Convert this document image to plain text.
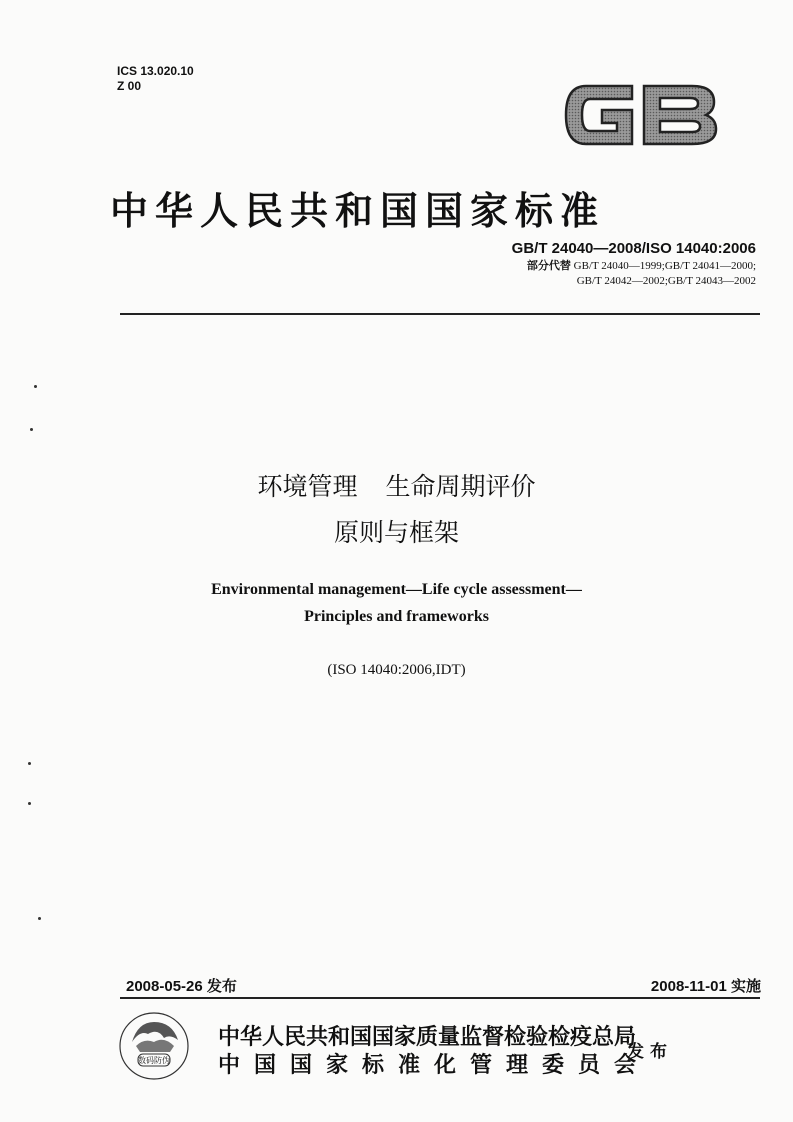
ICS 13.020.10
Z 00
中华人民共和国国家标准
GB/T 24040—2008/ISO 14040:2006
部分代替 GB/T 24040—1999;GB/T 24041—2000;
GB/T 24042—2002;GB/T 24043—2002
环境管理 生命周期评价
原则与框架
Environmental management—Life cycle assessment—
Principles and frameworks
(ISO 14040:2006,IDT)
2008-05-26 发布	2008-11-01 实施
数码防伪
中华人民共和国国家质量监督检验检疫总局
中国国家标准化管理委员会
发布
